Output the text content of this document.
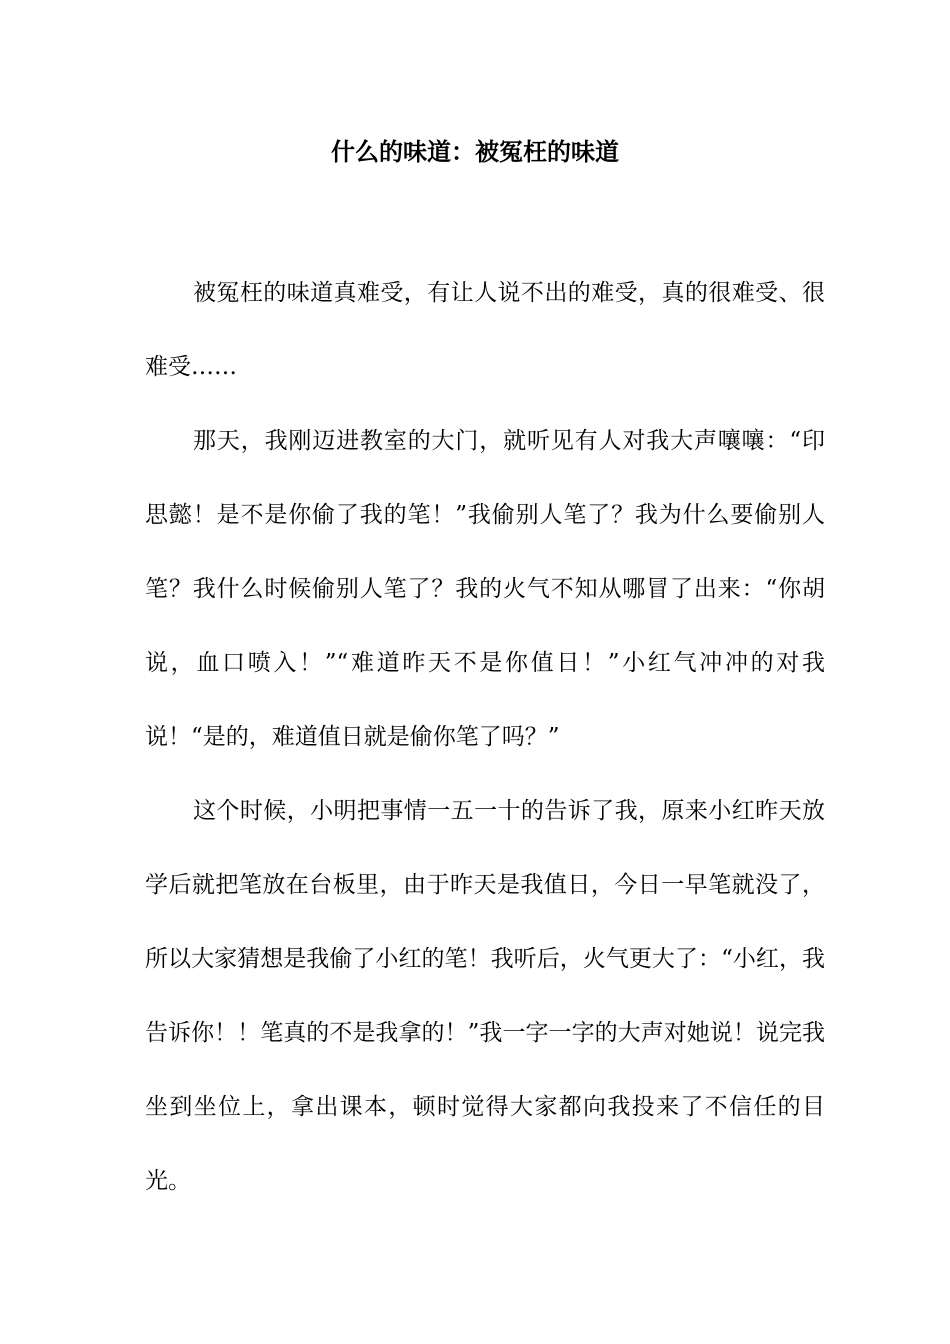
什么的味道：被冤枉的味道

被冤枉的味道真难受，有让人说不出的难受，真的很难受、很难受……

那天，我刚迈进教室的大门，就听见有人对我大声嚷嚷：“印思懿！是不是你偷了我的笔！”我偷别人笔了？我为什么要偷别人笔？我什么时候偷别人笔了？我的火气不知从哪冒了出来：“你胡说，血口喷入！”“难道昨天不是你值日！”小红气冲冲的对我说！“是的，难道值日就是偷你笔了吗？”

这个时候，小明把事情一五一十的告诉了我，原来小红昨天放学后就把笔放在台板里，由于昨天是我值日，今日一早笔就没了，所以大家猜想是我偷了小红的笔！我听后，火气更大了：“小红，我告诉你！！笔真的不是我拿的！”我一字一字的大声对她说！说完我坐到坐位上，拿出课本，顿时觉得大家都向我投来了不信任的目光。
